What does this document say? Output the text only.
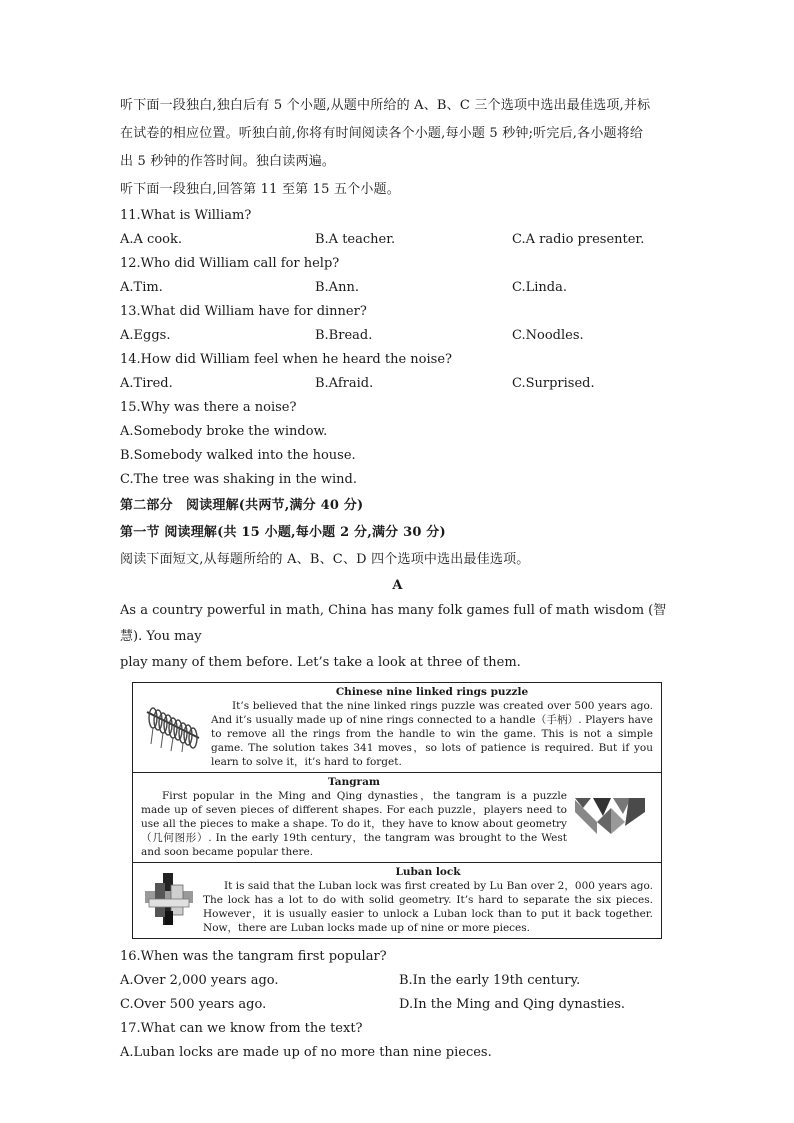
听下面一段独白,独白后有 5 个小题,从题中所给的 A、B、C 三个选项中选出最佳选项,并标

在试卷的相应位置。听独白前,你将有时间阅读各个小题,每小题 5 秒钟;听完后,各小题将给

出 5 秒钟的作答时间。独白读两遍。

听下面一段独白,回答第 11 至第 15 五个小题。

11.What is William?

A.A cook.	B.A teacher.	C.A radio presenter.

12.Who did William call for help?

A.Tim.	B.Ann.	C.Linda.

13.What did William have for dinner?

A.Eggs.	B.Bread.	C.Noodles.

14.How did William feel when he heard the noise?

A.Tired.	B.Afraid.	C.Surprised.

15.Why was there a noise?

A.Somebody broke the window.

B.Somebody walked into the house.

C.The tree was shaking in the wind.

第二部分　阅读理解(共两节,满分 40 分)

第一节 阅读理解(共 15 小题,每小题 2 分,满分 30 分)

阅读下面短文,从每题所给的 A、B、C、D 四个选项中选出最佳选项。

A

As a country powerful in math, China has many folk games full of math wisdom (智慧). You may

play many of them before. Let’s take a look at three of them.

Chinese nine linked rings puzzle
It’s believed that the nine linked rings puzzle was created over 500 years ago. And it’s usually made up of nine rings connected to a handle（手柄）. Players have to remove all the rings from the handle to win the game. This is not a simple game. The solution takes 341 moves，so lots of patience is required. But if you learn to solve it，it’s hard to forget.
Tangram
First popular in the Ming and Qing dynasties，the tangram is a puzzle made up of seven pieces of different shapes. For each puzzle，players need to use all the pieces to make a shape. To do it，they have to know about geometry（几何图形）. In the early 19th century，the tangram was brought to the West and soon became popular there.
Luban lock
It is said that the Luban lock was first created by Lu Ban over 2，000 years ago. The lock has a lot to do with solid geometry. It’s hard to separate the six pieces. However，it is usually easier to unlock a Luban lock than to put it back together. Now，there are Luban locks made up of nine or more pieces.

16.When was the tangram first popular?

A.Over 2,000 years ago.	B.In the early 19th century.
C.Over 500 years ago.	D.In the Ming and Qing dynasties.

17.What can we know from the text?

A.Luban locks are made up of no more than nine pieces.
